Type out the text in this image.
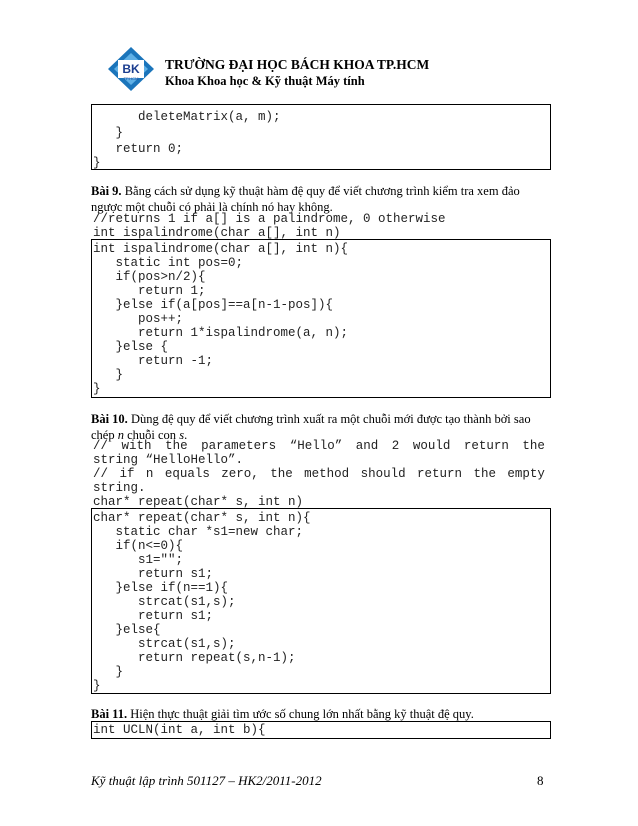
BK
TP.HCM
TRƯỜNG ĐẠI HỌC BÁCH KHOA TP.HCM
Khoa Khoa học & Kỹ thuật Máy tính
deleteMatrix(a, m);
}
return 0;
}
Bài 9. Bằng cách sử dụng kỹ thuật hàm đệ quy để viết chương trình kiểm tra xem đảo ngược một chuỗi có phải là chính nó hay không.
//returns 1 if a[] is a palindrome, 0 otherwise
int ispalindrome(char a[], int n)
int ispalindrome(char a[], int n){
static int pos=0;
if(pos>n/2){
return 1;
}else if(a[pos]==a[n-1-pos]){
pos++;
return 1*ispalindrome(a, n);
}else {
return -1;
}
}
Bài 10. Dùng đệ quy để viết chương trình xuất ra một chuỗi mới được tạo thành bởi sao chép n chuỗi con s.
// with the parameters “Hello” and 2 would return the
string “HelloHello”.
// if n equals zero, the method should return the empty
string.
char* repeat(char* s, int n)
char* repeat(char* s, int n){
static char *s1=new char;
if(n<=0){
s1="";
return s1;
}else if(n==1){
strcat(s1,s);
return s1;
}else{
strcat(s1,s);
return repeat(s,n-1);
}
}
Bài 11. Hiện thực thuật giải tìm ước số chung lớn nhất bằng kỹ thuật đệ quy.
int UCLN(int a, int b){
Kỹ thuật lập trình 501127 – HK2/2011-2012	8
